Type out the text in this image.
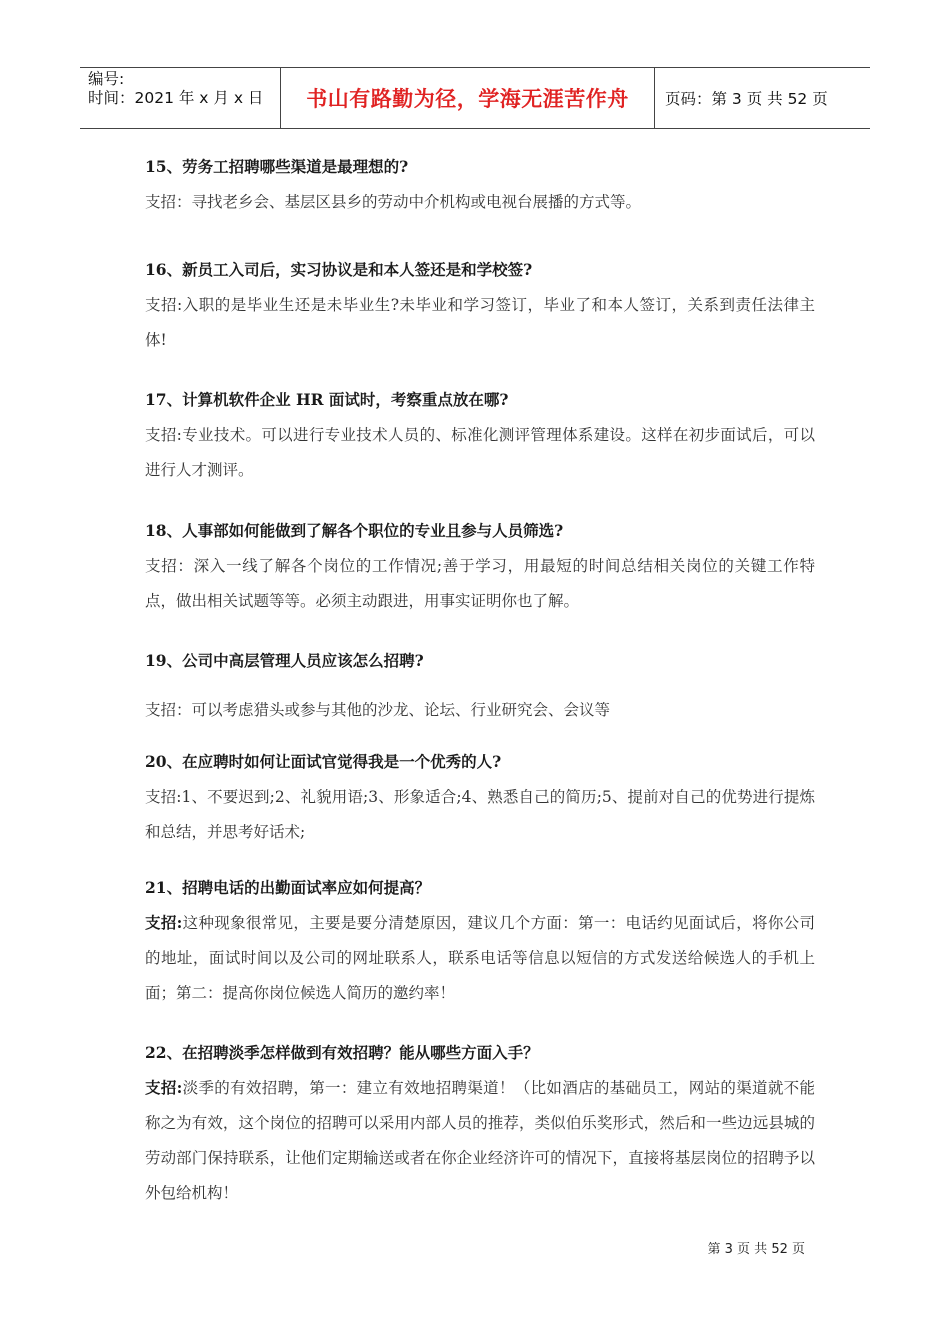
编号:
时间：2021 年 x 月 x 日	书山有路勤为径，学海无涯苦作舟	页码：第 3 页 共 52 页

15、劳务工招聘哪些渠道是最理想的?

支招：寻找老乡会、基层区县乡的劳动中介机构或电视台展播的方式等。

16、新员工入司后，实习协议是和本人签还是和学校签?

支招:入职的是毕业生还是未毕业生?未毕业和学习签订，毕业了和本人签订，关系到责任法律主体!

17、计算机软件企业 HR 面试时，考察重点放在哪?

支招:专业技术。可以进行专业技术人员的、标准化测评管理体系建设。这样在初步面试后，可以进行人才测评。

18、人事部如何能做到了解各个职位的专业且参与人员筛选?

支招：深入一线了解各个岗位的工作情况;善于学习，用最短的时间总结相关岗位的关键工作特点，做出相关试题等等。必须主动跟进，用事实证明你也了解。

19、公司中高层管理人员应该怎么招聘?

支招：可以考虑猎头或参与其他的沙龙、论坛、行业研究会、会议等

20、在应聘时如何让面试官觉得我是一个优秀的人?

支招:1、不要迟到;2、礼貌用语;3、形象适合;4、熟悉自己的简历;5、提前对自己的优势进行提炼和总结，并思考好话术;

21、招聘电话的出勤面试率应如何提高？

支招:这种现象很常见，主要是要分清楚原因，建议几个方面：第一：电话约见面试后，将你公司的地址，面试时间以及公司的网址联系人，联系电话等信息以短信的方式发送给候选人的手机上面；第二：提高你岗位候选人简历的邀约率！

22、在招聘淡季怎样做到有效招聘？能从哪些方面入手？

支招:淡季的有效招聘，第一：建立有效地招聘渠道！（比如酒店的基础员工，网站的渠道就不能称之为有效，这个岗位的招聘可以采用内部人员的推荐，类似伯乐奖形式，然后和一些边远县城的劳动部门保持联系，让他们定期输送或者在你企业经济许可的情况下，直接将基层岗位的招聘予以外包给机构！

第 3 页 共 52 页
